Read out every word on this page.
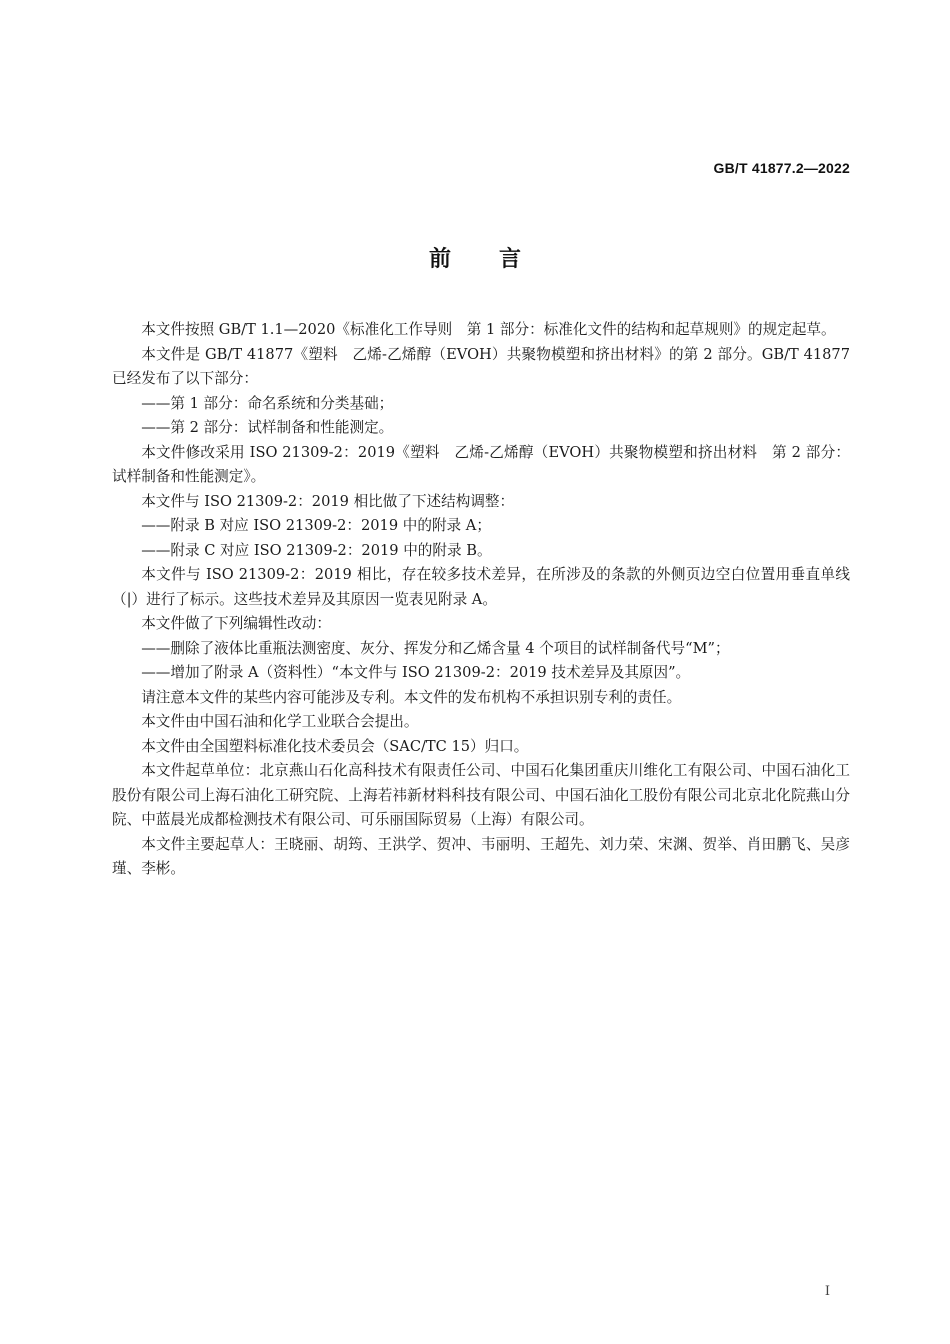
GB/T 41877.2—2022
前言

本文件按照 GB/T 1.1—2020《标准化工作导则　第 1 部分：标准化文件的结构和起草规则》的规定起草。

本文件是 GB/T 41877《塑料　乙烯-乙烯醇（EVOH）共聚物模塑和挤出材料》的第 2 部分。GB/T 41877 已经发布了以下部分：

——第 1 部分：命名系统和分类基础；

——第 2 部分：试样制备和性能测定。

本文件修改采用 ISO 21309-2：2019《塑料　乙烯-乙烯醇（EVOH）共聚物模塑和挤出材料　第 2 部分：试样制备和性能测定》。

本文件与 ISO 21309-2：2019 相比做了下述结构调整：

——附录 B 对应 ISO 21309-2：2019 中的附录 A；

——附录 C 对应 ISO 21309-2：2019 中的附录 B。

本文件与 ISO 21309-2：2019 相比，存在较多技术差异，在所涉及的条款的外侧页边空白位置用垂直单线（|）进行了标示。这些技术差异及其原因一览表见附录 A。

本文件做了下列编辑性改动：

——删除了液体比重瓶法测密度、灰分、挥发分和乙烯含量 4 个项目的试样制备代号“M”；

——增加了附录 A（资料性）“本文件与 ISO 21309-2：2019 技术差异及其原因”。

请注意本文件的某些内容可能涉及专利。本文件的发布机构不承担识别专利的责任。

本文件由中国石油和化学工业联合会提出。

本文件由全国塑料标准化技术委员会（SAC/TC 15）归口。

本文件起草单位：北京燕山石化高科技术有限责任公司、中国石化集团重庆川维化工有限公司、中国石油化工股份有限公司上海石油化工研究院、上海若祎新材料科技有限公司、中国石油化工股份有限公司北京北化院燕山分院、中蓝晨光成都检测技术有限公司、可乐丽国际贸易（上海）有限公司。

本文件主要起草人：王晓丽、胡筠、王洪学、贺冲、韦丽明、王超先、刘力荣、宋渊、贺举、肖田鹏飞、吴彦瑾、李彬。

I
